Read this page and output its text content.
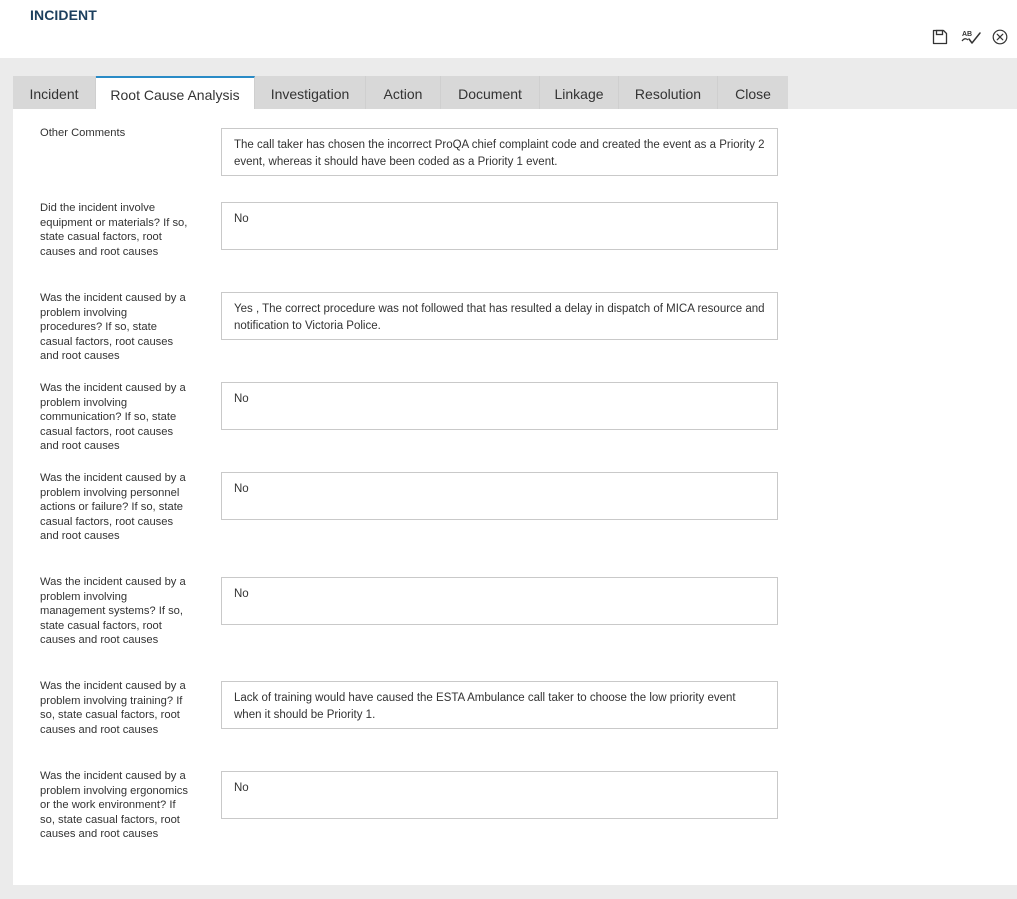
INCIDENT
AB
Incident	Root Cause Analysis	Investigation	Action	Document	Linkage	Resolution	Close
Other Comments
The call taker has chosen the incorrect ProQA chief complaint code and created the event as a Priority 2 event, whereas it should have been coded as a Priority 1 event.
Did the incident involve equipment or materials? If so, state casual factors, root causes and root causes
No
Was the incident caused by a problem involving procedures? If so, state casual factors, root causes and root causes
Yes , The correct procedure was not followed that has resulted a delay in dispatch of MICA resource and notification to Victoria Police.
Was the incident caused by a problem involving communication? If so, state casual factors, root causes and root causes
No
Was the incident caused by a problem involving personnel actions or failure? If so, state casual factors, root causes and root causes
No
Was the incident caused by a problem involving management systems? If so, state casual factors, root causes and root causes
No
Was the incident caused by a problem involving training? If so, state casual factors, root causes and root causes
Lack of training would have caused the ESTA Ambulance call taker to choose the low priority event when it should be Priority 1.
Was the incident caused by a problem involving ergonomics or the work environment? If so, state casual factors, root causes and root causes
No
